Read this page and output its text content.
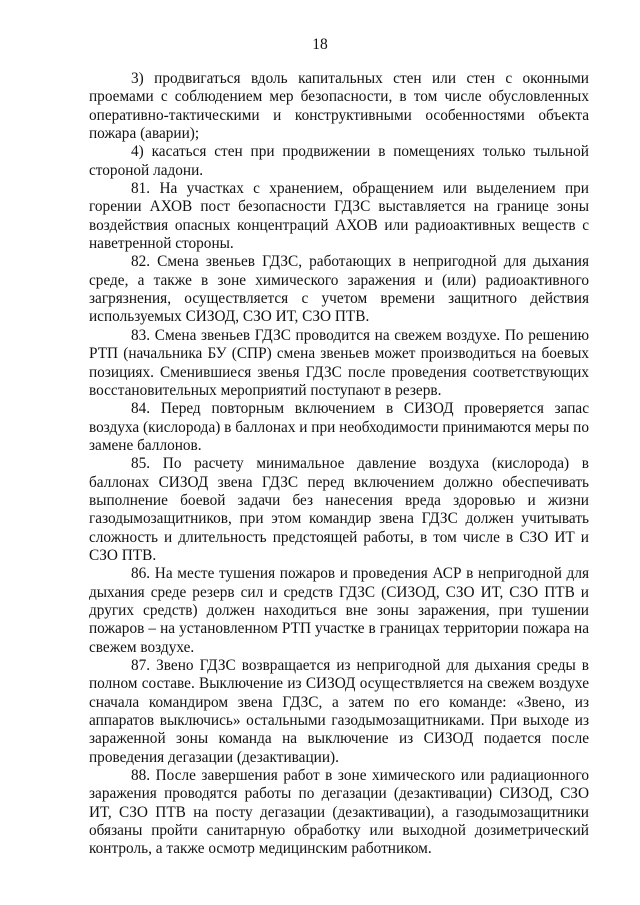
18

3) продвигаться вдоль капитальных стен или стен с оконными проемами с соблюдением мер безопасности, в том числе обусловленных оперативно-тактическими и конструктивными особенностями объекта пожара (аварии);

4) касаться стен при продвижении в помещениях только тыльной стороной ладони.

81. На участках с хранением, обращением или выделением при горении АХОВ пост безопасности ГДЗС выставляется на границе зоны воздействия опасных концентраций АХОВ или радиоактивных веществ с наветренной стороны.

82. Смена звеньев ГДЗС, работающих в непригодной для дыхания среде, а также в зоне химического заражения и (или) радиоактивного загрязнения, осуществляется с учетом времени защитного действия используемых СИЗОД, СЗО ИТ, СЗО ПТВ.

83. Смена звеньев ГДЗС проводится на свежем воздухе. По решению РТП (начальника БУ (СПР) смена звеньев может производиться на боевых позициях. Сменившиеся звенья ГДЗС после проведения соответствующих восстановительных мероприятий поступают в резерв.

84. Перед повторным включением в СИЗОД проверяется запас воздуха (кислорода) в баллонах и при необходимости принимаются меры по замене баллонов.

85. По расчету минимальное давление воздуха (кислорода) в баллонах СИЗОД звена ГДЗС перед включением должно обеспечивать выполнение боевой задачи без нанесения вреда здоровью и жизни газодымозащитников, при этом командир звена ГДЗС должен учитывать сложность и длительность предстоящей работы, в том числе в СЗО ИТ и СЗО ПТВ.

86. На месте тушения пожаров и проведения АСР в непригодной для дыхания среде резерв сил и средств ГДЗС (СИЗОД, СЗО ИТ, СЗО ПТВ и других средств) должен находиться вне зоны заражения, при тушении пожаров – на установленном РТП участке в границах территории пожара на свежем воздухе.

87. Звено ГДЗС возвращается из непригодной для дыхания среды в полном составе. Выключение из СИЗОД осуществляется на свежем воздухе сначала командиром звена ГДЗС, а затем по его команде: «Звено, из аппаратов выключись» остальными газодымозащитниками. При выходе из зараженной зоны команда на выключение из СИЗОД подается после проведения дегазации (дезактивации).

88. После завершения работ в зоне химического или радиационного заражения проводятся работы по дегазации (дезактивации) СИЗОД, СЗО ИТ, СЗО ПТВ на посту дегазации (дезактивации), а газодымозащитники обязаны пройти санитарную обработку или выходной дозиметрический контроль, а также осмотр медицинским работником.
